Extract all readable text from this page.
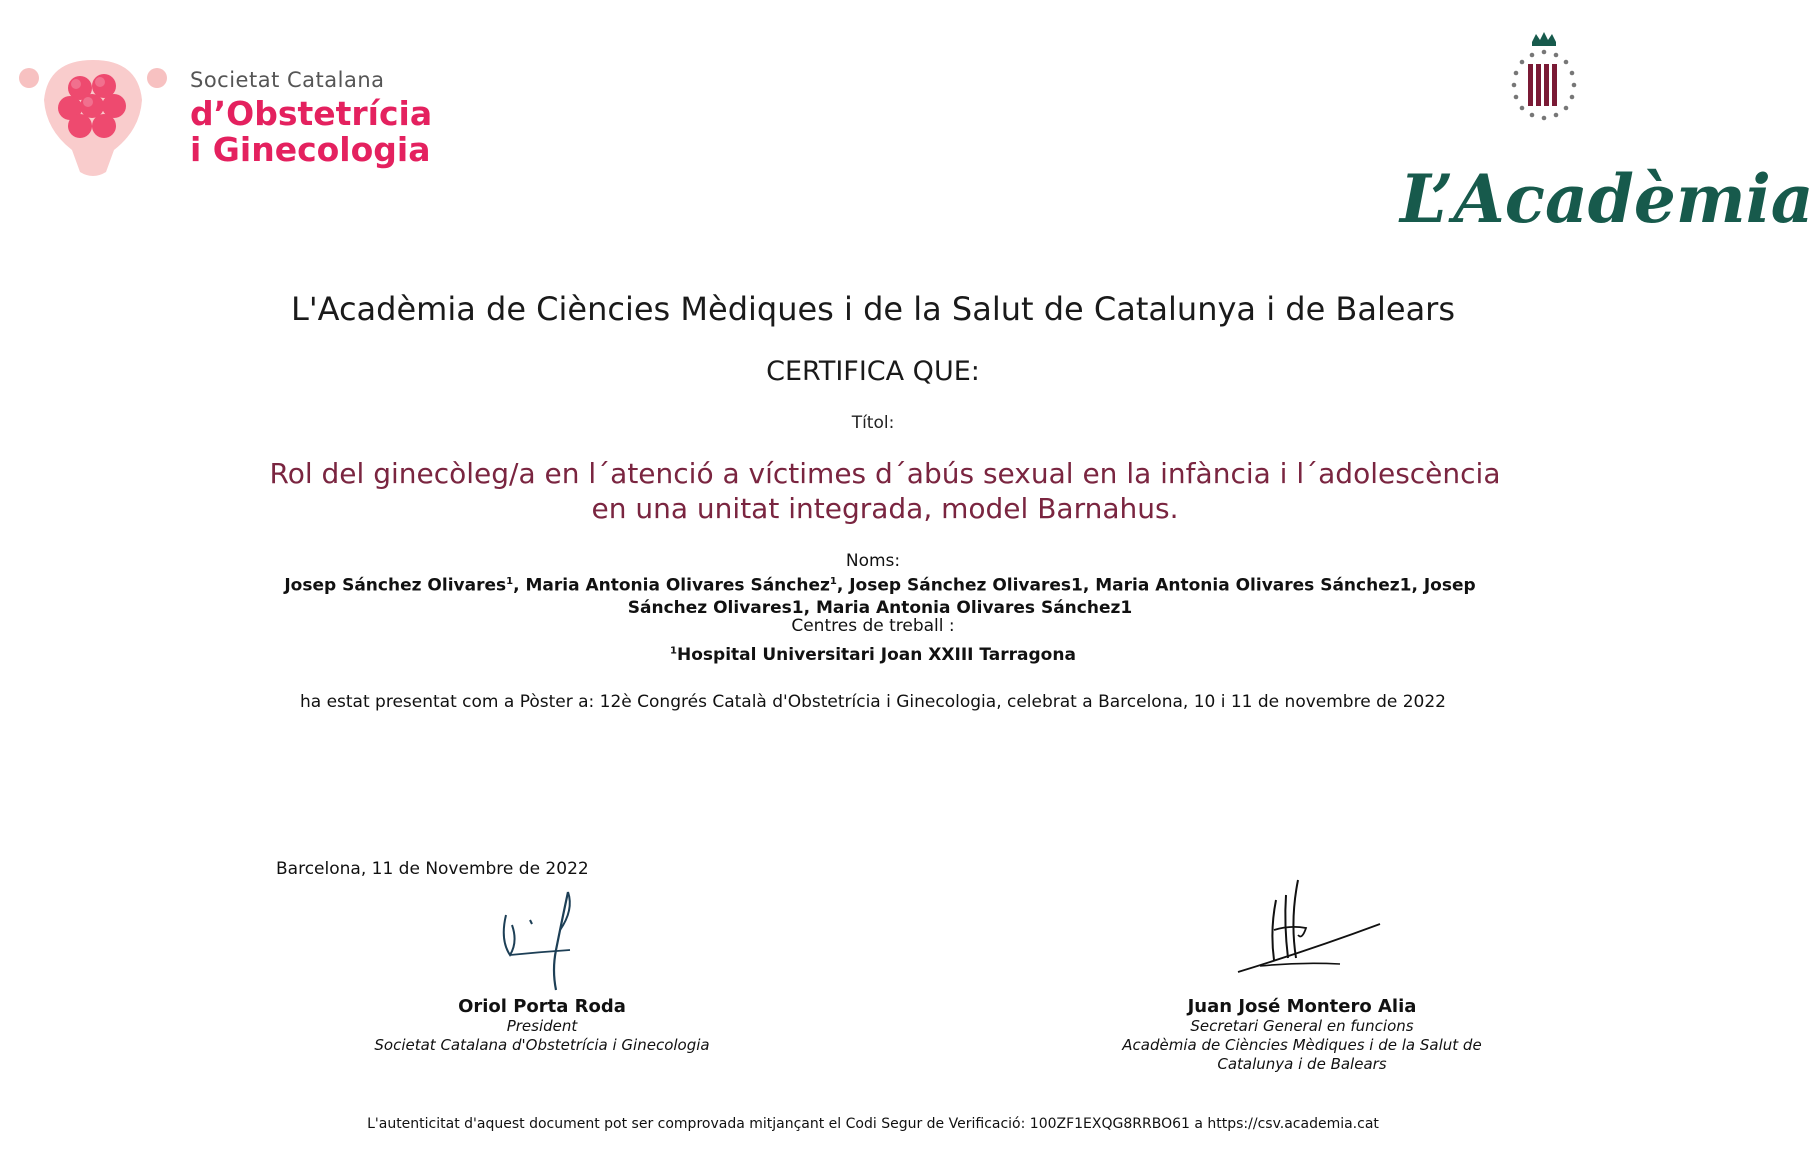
Societat Catalana
d’Obstetrícia
i Ginecologia
L’Acadèmia
L'Acadèmia de Ciències Mèdiques i de la Salut de Catalunya i de Balears
CERTIFICA QUE:
Títol:
Rol del ginecòleg/a en l´atenció a víctimes d´abús sexual en la infància i l´adolescència en una unitat integrada, model Barnahus.
Noms:
Josep Sánchez Olivares$^1$, Maria Antonia Olivares Sánchez$^1$, Josep Sánchez Olivares1, Maria Antonia Olivares Sánchez1, Josep Sánchez Olivares1, Maria Antonia Olivares Sánchez1
Centres de treball :
$^1$Hospital Universitari Joan XXIII Tarragona
ha estat presentat com a Pòster a: 12è Congrés Català d'Obstetrícia i Ginecologia, celebrat a Barcelona, 10 i 11 de novembre de 2022
Barcelona, 11 de Novembre de 2022
Oriol Porta Roda
President
Societat Catalana d'Obstetrícia i Ginecologia
Juan José Montero Alia
Secretari General en funcions
Acadèmia de Ciències Mèdiques i de la Salut de Catalunya i de Balears
L'autenticitat d'aquest document pot ser comprovada mitjançant el Codi Segur de Verificació: 100ZF1EXQG8RRBO61 a https://csv.academia.cat
